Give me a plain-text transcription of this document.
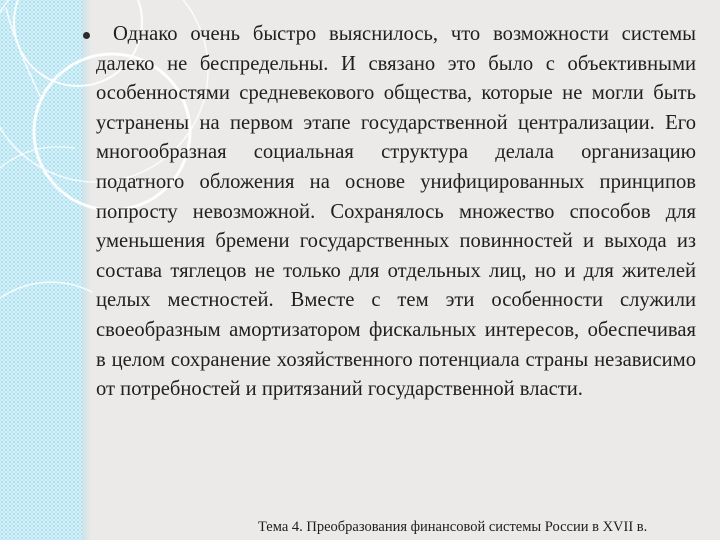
Однако очень быстро выяснилось, что возможности системы далеко не беспредельны. И связано это было с объективными особенностями средневекового общества, которые не могли быть устранены на первом этапе государственной централизации. Его многообразная социальная структура делала организацию податного обложения на основе унифицированных принципов попросту невозможной. Сохранялось множество способов для уменьшения бремени государственных повинностей и выхода из состава тяглецов не только для отдельных лиц, но и для жителей целых местностей. Вместе с тем эти особенности служили своеобразным амортизатором фискальных интересов, обеспечивая в целом сохранение хозяйственного потенциала страны независимо от потребностей и притязаний государственной власти.

Тема 4. Преобразования финансовой системы России в XVII в.
